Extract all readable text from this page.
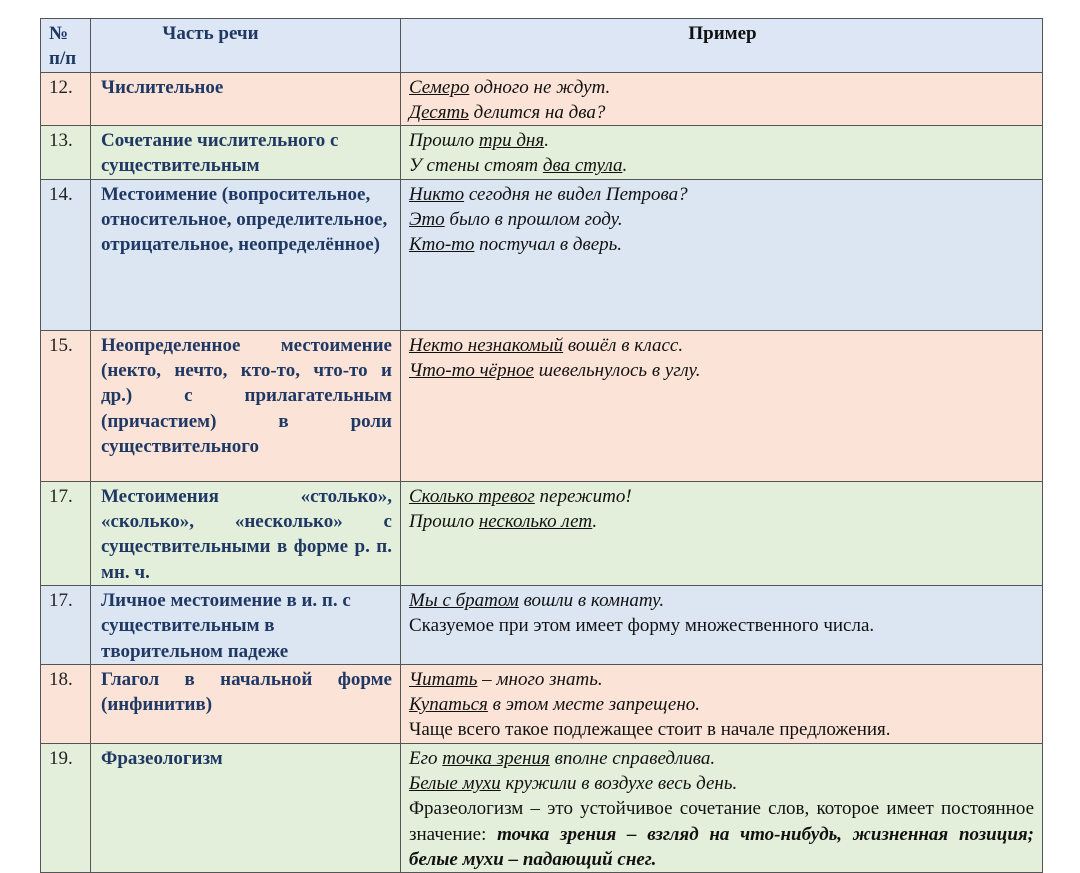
№ п/п	Часть речи	Пример
12.	Числительное	Семеро одного не ждут.
Десять делится на два?

13.	Сочетание числительного с существительным	Прошло три дня.
У стены стоят два стула.

14.	Местоимение (вопросительное, относительное, определительное, отрицательное, неопределённое)	Никто сегодня не видел Петрова?
Это было в прошлом году.
Кто-то постучал в дверь.

15.	Неопределенное местоимение (некто, нечто, кто-то, что-то и др.) с прилагательным (причастием) в роли существительного	Некто незнакомый вошёл в класс.
Что-то чёрное шевельнулось в углу.

17.	Местоимения «столько», «сколько», «несколько» с существительными в форме р. п. мн. ч.	Сколько тревог пережито!
Прошло несколько лет.

17.	Личное местоимение в и. п. с существительным в творительном падеже	Мы с братом вошли в комнату.
Сказуемое при этом имеет форму множественного числа.

18.	Глагол в начальной форме (инфинитив)	Читать – много знать.
Купаться в этом месте запрещено.
Чаще всего такое подлежащее стоит в начале предложения.

19.	Фразеологизм	Его точка зрения вполне справедлива.
Белые мухи кружили в воздухе весь день.
Фразеологизм – это устойчивое сочетание слов, которое имеет постоянное значение: точка зрения – взгляд на что-нибудь, жизненная позиция; белые мухи – падающий снег.
